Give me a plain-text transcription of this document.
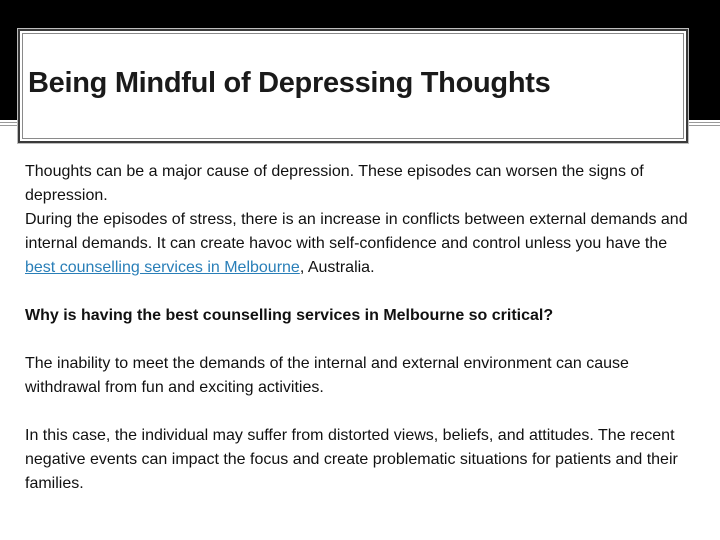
Being Mindful of Depressing Thoughts

Thoughts can be a major cause of depression. These episodes can worsen the signs of depression.

During the episodes of stress, there is an increase in conflicts between external demands and internal demands. It can create havoc with self-confidence and control unless you have the best counselling services in Melbourne, Australia.

Why is having the best counselling services in Melbourne so critical?

The inability to meet the demands of the internal and external environment can cause withdrawal from fun and exciting activities.

In this case, the individual may suffer from distorted views, beliefs, and attitudes. The recent negative events can impact the focus and create problematic situations for patients and their families.
